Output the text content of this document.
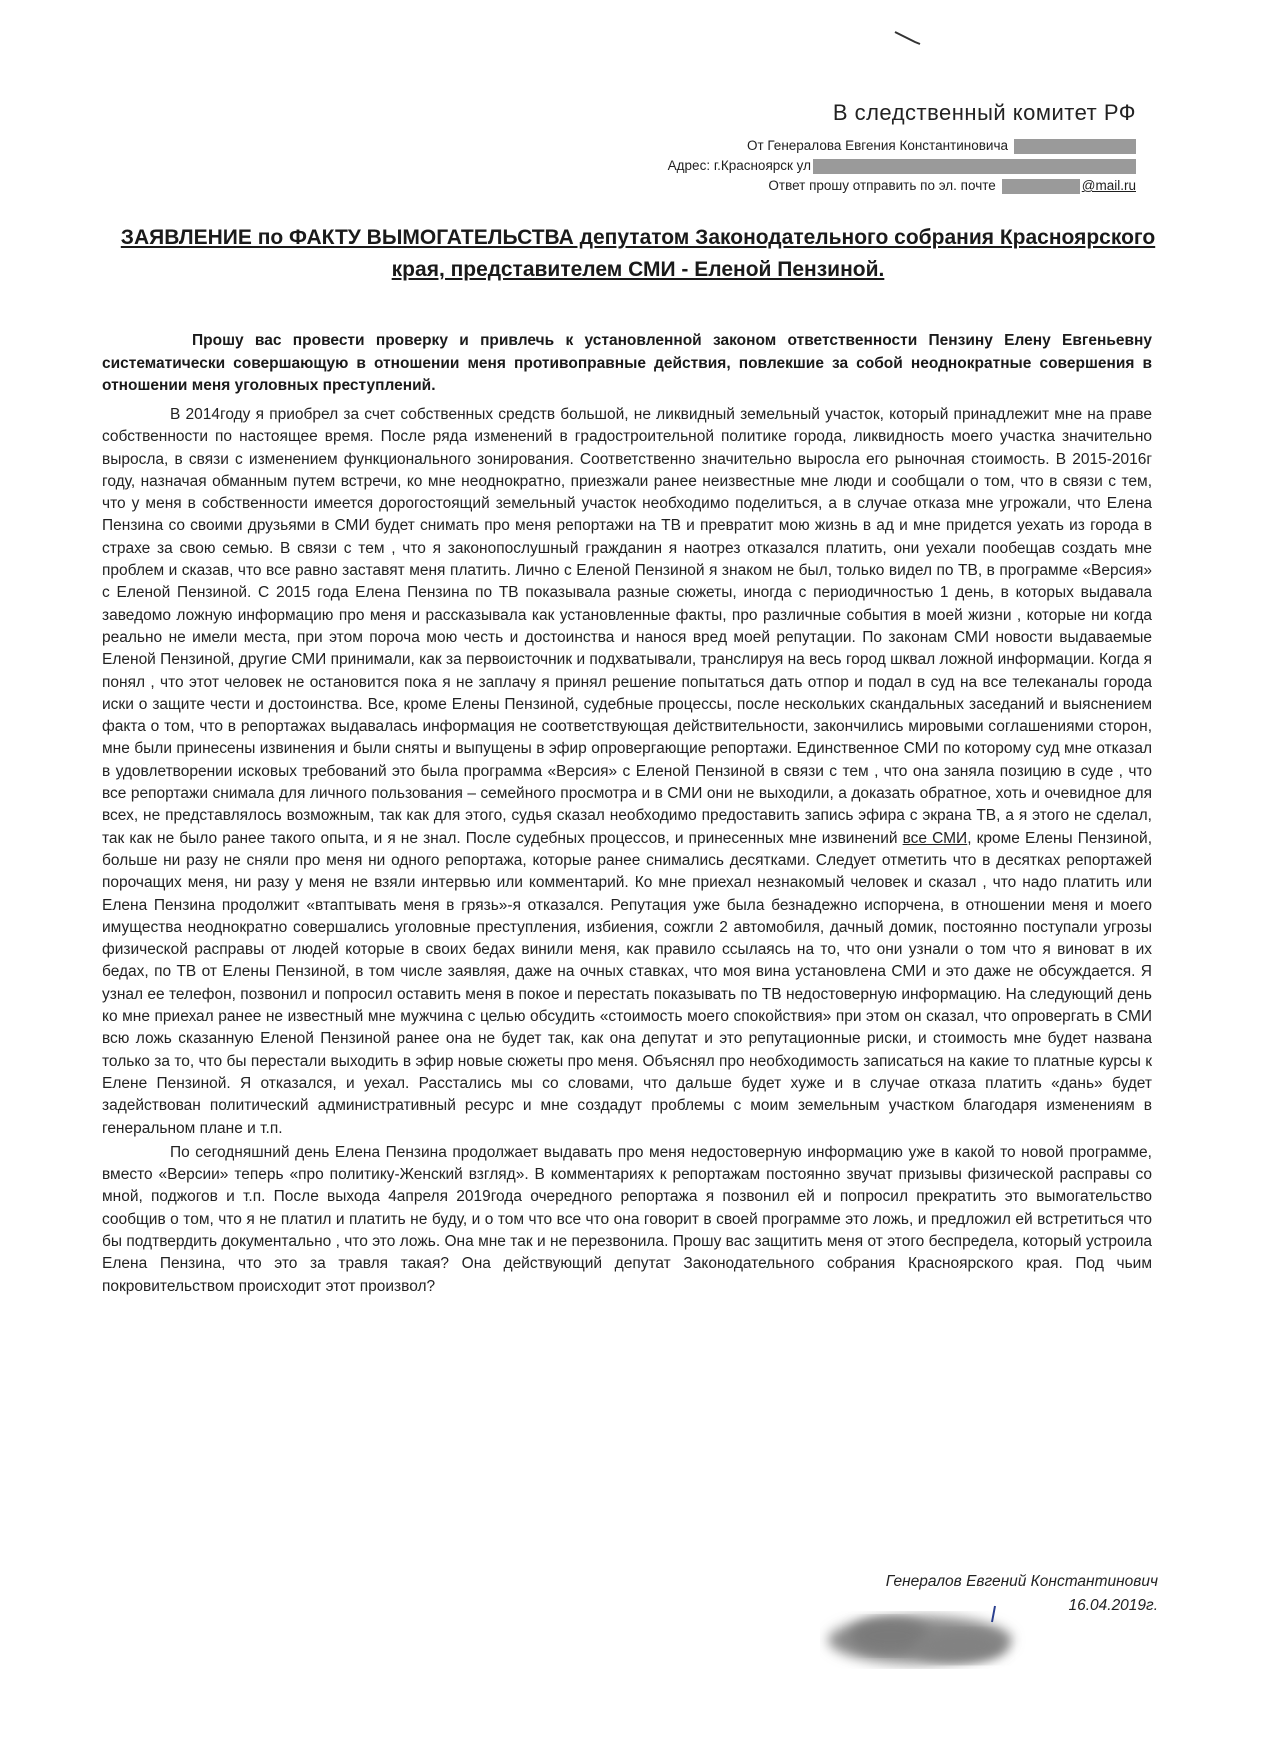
В следственный комитет РФ
От Генералова Евгения Константиновича
Адрес: г.Красноярск ул
Ответ прошу отправить по эл. почте	@mail.ru
ЗАЯВЛЕНИЕ по ФАКТУ ВЫМОГАТЕЛЬСТВА депутатом Законодательного собрания Красноярского края, представителем СМИ - Еленой Пензиной.
Прошу вас провести проверку и привлечь к установленной законом ответственности Пензину Елену Евгеньевну систематически совершающую в отношении меня противоправные действия, повлекшие за собой неоднократные совершения в отношении меня уголовных преступлений.

В 2014году я приобрел за счет собственных средств большой, не ликвидный земельный участок, который принадлежит мне на праве собственности по настоящее время. После ряда изменений в градостроительной политике города, ликвидность моего участка значительно выросла, в связи с изменением функционального зонирования. Соответственно значительно выросла его рыночная стоимость. В 2015-2016г году, назначая обманным путем встречи, ко мне неоднократно, приезжали ранее неизвестные мне люди и сообщали о том, что в связи с тем, что у меня в собственности имеется дорогостоящий земельный участок необходимо поделиться, а в случае отказа мне угрожали, что Елена Пензина со своими друзьями в СМИ будет снимать про меня репортажи на ТВ и превратит мою жизнь в ад и мне придется уехать из города в страхе за свою семью. В связи с тем , что я законопослушный гражданин я наотрез отказался платить, они уехали пообещав создать мне проблем и сказав, что все равно заставят меня платить. Лично с Еленой Пензиной я знаком не был, только видел по ТВ, в программе «Версия» с Еленой Пензиной. С 2015 года Елена Пензина по ТВ показывала разные сюжеты, иногда с периодичностью 1 день, в которых выдавала заведомо ложную информацию про меня и рассказывала как установленные факты, про различные события в моей жизни , которые ни когда реально не имели места, при этом пороча мою честь и достоинства и нанося вред моей репутации. По законам СМИ новости выдаваемые Еленой Пензиной, другие СМИ принимали, как за первоисточник и подхватывали, транслируя на весь город шквал ложной информации. Когда я понял , что этот человек не остановится пока я не заплачу я принял решение попытаться дать отпор и подал в суд на все телеканалы города иски о защите чести и достоинства. Все, кроме Елены Пензиной, судебные процессы, после нескольких скандальных заседаний и выяснением факта о том, что в репортажах выдавалась информация не соответствующая действительности, закончились мировыми соглашениями сторон, мне были принесены извинения и были сняты и выпущены в эфир опровергающие репортажи. Единственное СМИ по которому суд мне отказал в удовлетворении исковых требований это была программа «Версия» с Еленой Пензиной в связи с тем , что она заняла позицию в суде , что все репортажи снимала для личного пользования – семейного просмотра и в СМИ они не выходили, а доказать обратное, хоть и очевидное для всех, не представлялось возможным, так как для этого, судья сказал необходимо предоставить запись эфира с экрана ТВ, а я этого не сделал, так как не было ранее такого опыта, и я не знал. После судебных процессов, и принесенных мне извинений все СМИ, кроме Елены Пензиной, больше ни разу не сняли про меня ни одного репортажа, которые ранее снимались десятками. Следует отметить что в десятках репортажей порочащих меня, ни разу у меня не взяли интервью или комментарий. Ко мне приехал незнакомый человек и сказал , что надо платить или Елена Пензина продолжит «втаптывать меня в грязь»-я отказался. Репутация уже была безнадежно испорчена, в отношении меня и моего имущества неоднократно совершались уголовные преступления, избиения, сожгли 2 автомобиля, дачный домик, постоянно поступали угрозы физической расправы от людей которые в своих бедах винили меня, как правило ссылаясь на то, что они узнали о том что я виноват в их бедах, по ТВ от Елены Пензиной, в том числе заявляя, даже на очных ставках, что моя вина установлена СМИ и это даже не обсуждается. Я узнал ее телефон, позвонил и попросил оставить меня в покое и перестать показывать по ТВ недостоверную информацию. На следующий день ко мне приехал ранее не известный мне мужчина с целью обсудить «стоимость моего спокойствия» при этом он сказал, что опровергать в СМИ всю ложь сказанную Еленой Пензиной ранее она не будет так, как она депутат и это репутационные риски, и стоимость мне будет названа только за то, что бы перестали выходить в эфир новые сюжеты про меня. Объяснял про необходимость записаться на какие то платные курсы к Елене Пензиной. Я отказался, и уехал. Расстались мы со словами, что дальше будет хуже и в случае отказа платить «дань» будет задействован политический административный ресурс и мне создадут проблемы с моим земельным участком благодаря изменениям в генеральном плане и т.п.

По сегодняшний день Елена Пензина продолжает выдавать про меня недостоверную информацию уже в какой то новой программе, вместо «Версии» теперь «про политику-Женский взгляд». В комментариях к репортажам постоянно звучат призывы физической расправы со мной, поджогов и т.п. После выхода 4апреля 2019года очередного репортажа я позвонил ей и попросил прекратить это вымогательство сообщив о том, что я не платил и платить не буду, и о том что все что она говорит в своей программе это ложь, и предложил ей встретиться что бы подтвердить документально , что это ложь. Она мне так и не перезвонила. Прошу вас защитить меня от этого беспредела, который устроила Елена Пензина, что это за травля такая? Она действующий депутат Законодательного собрания Красноярского края. Под чьим покровительством происходит этот произвол?

Генералов Евгений Константинович
16.04.2019г.
